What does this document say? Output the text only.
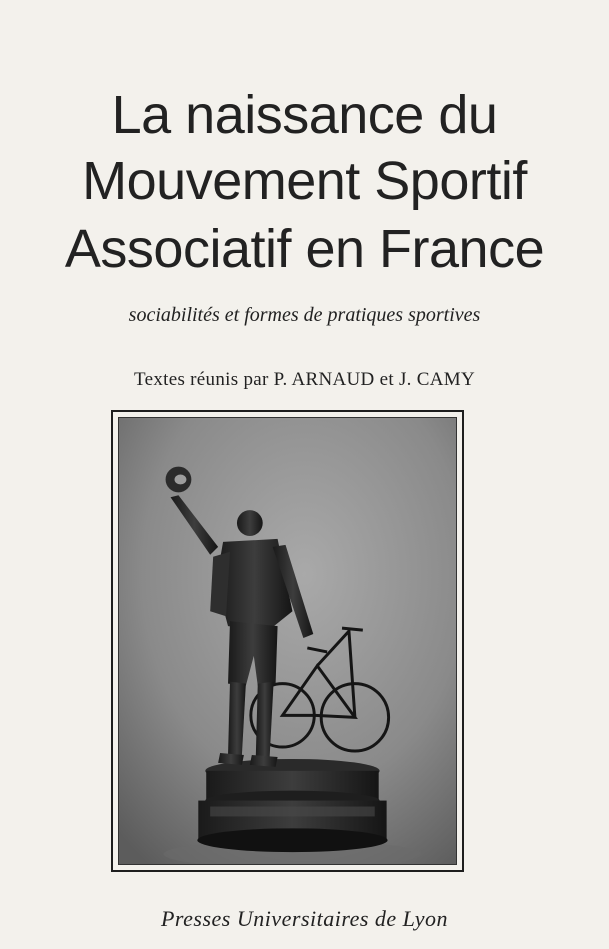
La naissance du
Mouvement Sportif
Associatif en France
sociabilités et formes de pratiques sportives
Textes réunis par P. ARNAUD et J. CAMY
Presses Universitaires de Lyon
